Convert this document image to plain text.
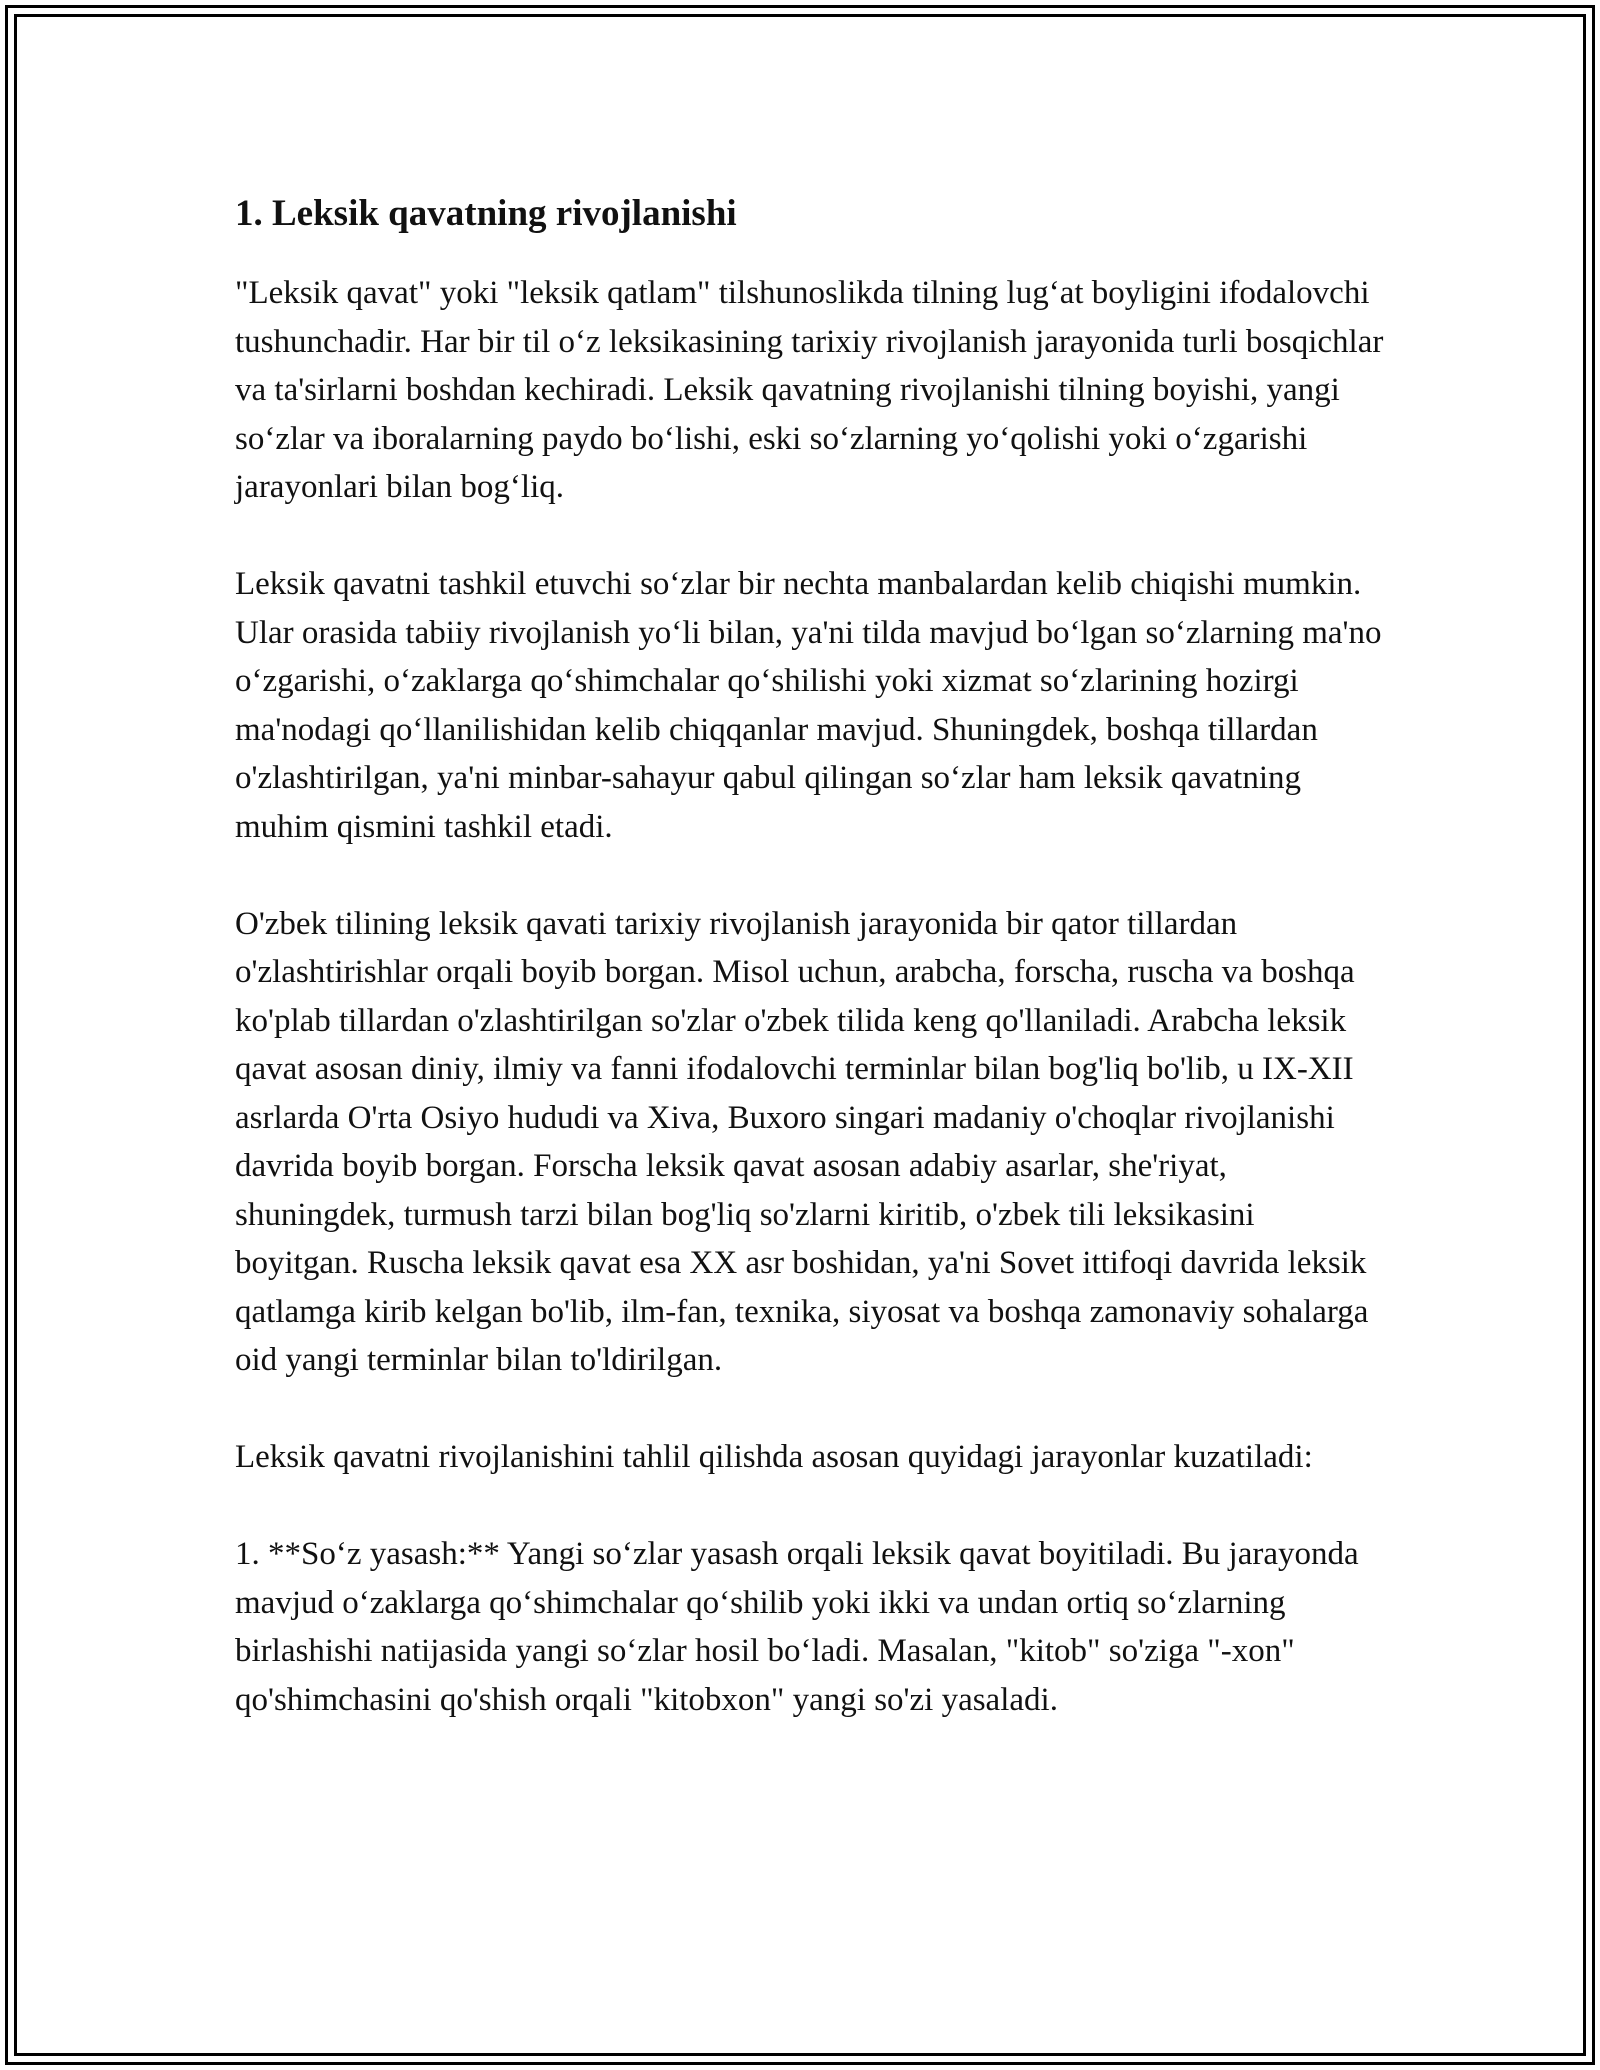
1. Leksik qavatning rivojlanishi

"Leksik qavat" yoki "leksik qatlam" tilshunoslikda tilning lug‘at boyligini ifodalovchi tushunchadir. Har bir til o‘z leksikasining tarixiy rivojlanish jarayonida turli bosqichlar va ta'sirlarni boshdan kechiradi. Leksik qavatning rivojlanishi tilning boyishi, yangi so‘zlar va iboralarning paydo bo‘lishi, eski so‘zlarning yo‘qolishi yoki o‘zgarishi jarayonlari bilan bog‘liq.

Leksik qavatni tashkil etuvchi so‘zlar bir nechta manbalardan kelib chiqishi mumkin. Ular orasida tabiiy rivojlanish yo‘li bilan, ya'ni tilda mavjud bo‘lgan so‘zlarning ma'no o‘zgarishi, o‘zaklarga qo‘shimchalar qo‘shilishi yoki xizmat so‘zlarining hozirgi ma'nodagi qo‘llanilishidan kelib chiqqanlar mavjud. Shuningdek, boshqa tillardan o'zlashtirilgan, ya'ni minbar-sahayur qabul qilingan so‘zlar ham leksik qavatning muhim qismini tashkil etadi.

O'zbek tilining leksik qavati tarixiy rivojlanish jarayonida bir qator tillardan o'zlashtirishlar orqali boyib borgan. Misol uchun, arabcha, forscha, ruscha va boshqa ko'plab tillardan o'zlashtirilgan so'zlar o'zbek tilida keng qo'llaniladi. Arabcha leksik qavat asosan diniy, ilmiy va fanni ifodalovchi terminlar bilan bog'liq bo'lib, u IX-XII asrlarda O'rta Osiyo hududi va Xiva, Buxoro singari madaniy o'choqlar rivojlanishi davrida boyib borgan. Forscha leksik qavat asosan adabiy asarlar, she'riyat, shuningdek, turmush tarzi bilan bog'liq so'zlarni kiritib, o'zbek tili leksikasini boyitgan. Ruscha leksik qavat esa XX asr boshidan, ya'ni Sovet ittifoqi davrida leksik qatlamga kirib kelgan bo'lib, ilm-fan, texnika, siyosat va boshqa zamonaviy sohalarga oid yangi terminlar bilan to'ldirilgan.

Leksik qavatni rivojlanishini tahlil qilishda asosan quyidagi jarayonlar kuzatiladi:

1. **So‘z yasash:** Yangi so‘zlar yasash orqali leksik qavat boyitiladi. Bu jarayonda mavjud o‘zaklarga qo‘shimchalar qo‘shilib yoki ikki va undan ortiq so‘zlarning birlashishi natijasida yangi so‘zlar hosil bo‘ladi. Masalan, "kitob" so'ziga "-xon" qo'shimchasini qo'shish orqali "kitobxon" yangi so'zi yasaladi.
